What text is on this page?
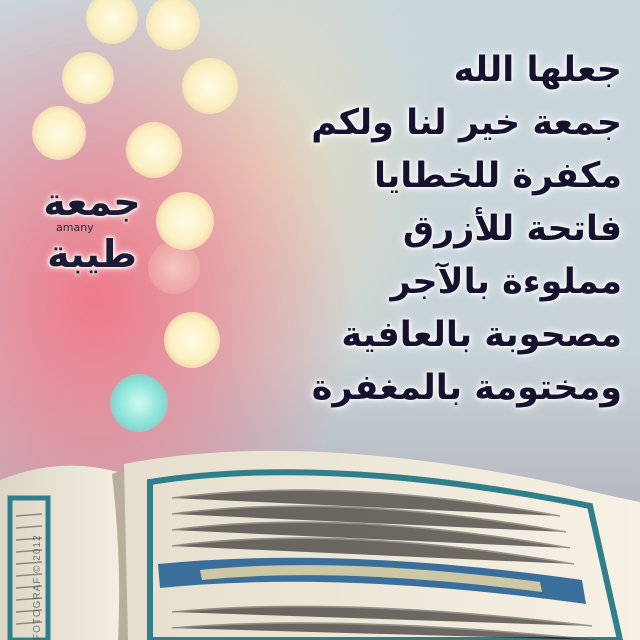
جعلها الله
جمعة خير لنا ولكم
مكفرة للخطايا
فاتحة للأزرق
مملوءة بالآجر
مصحوبة بالعافية
ومختومة بالمغفرة
جمعة
amany
طيبة
FOTOGRAF © 2012
